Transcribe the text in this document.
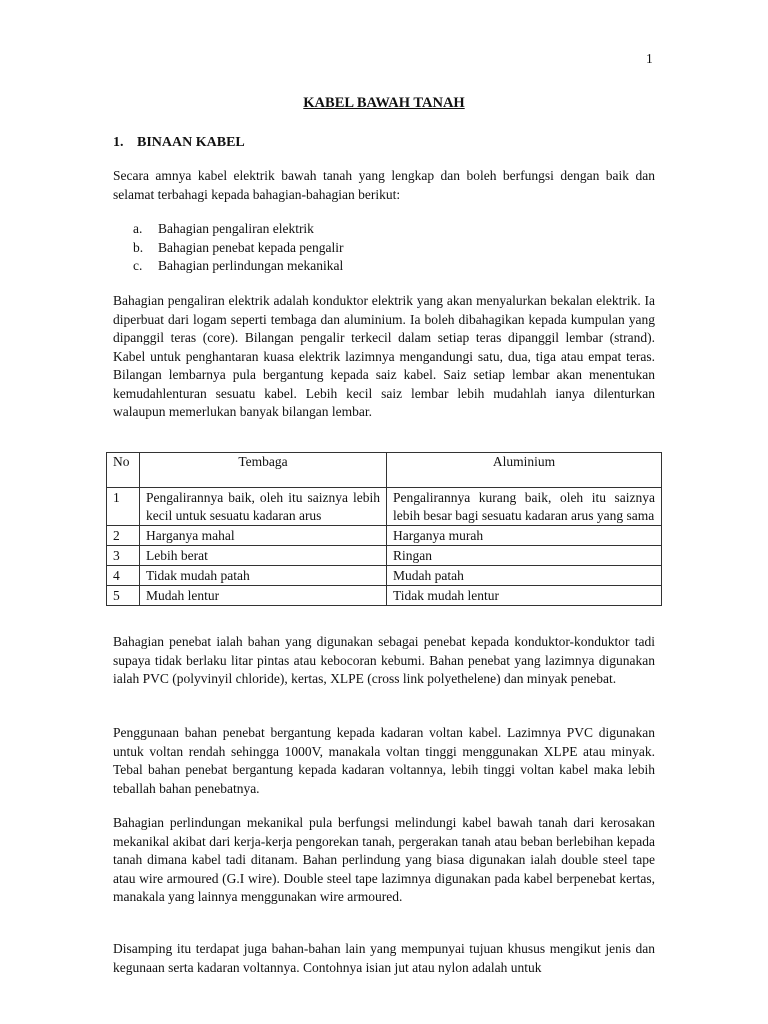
1
KABEL BAWAH TANAH
1. BINAAN KABEL

Secara amnya kabel elektrik bawah tanah yang lengkap dan boleh berfungsi dengan baik dan selamat terbahagi kepada bahagian-bahagian berikut:

a. Bahagian pengaliran elektrik
b. Bahagian penebat kepada pengalir
c. Bahagian perlindungan mekanikal

Bahagian pengaliran elektrik adalah konduktor elektrik yang akan menyalurkan bekalan elektrik. Ia diperbuat dari logam seperti tembaga dan aluminium. Ia boleh dibahagikan kepada kumpulan yang dipanggil teras (core). Bilangan pengalir terkecil dalam setiap teras dipanggil lembar (strand). Kabel untuk penghantaran kuasa elektrik lazimnya mengandungi satu, dua, tiga atau empat teras. Bilangan lembarnya pula bergantung kepada saiz kabel. Saiz setiap lembar akan menentukan kemudahlenturan sesuatu kabel. Lebih kecil saiz lembar lebih mudahlah ianya dilenturkan walaupun memerlukan banyak bilangan lembar.

No	Tembaga	Aluminium
1	Pengalirannya baik, oleh itu saiznya lebih kecil untuk sesuatu kadaran arus	Pengalirannya kurang baik, oleh itu saiznya lebih besar bagi sesuatu kadaran arus yang sama
2	Harganya mahal	Harganya murah
3	Lebih berat	Ringan
4	Tidak mudah patah	Mudah patah
5	Mudah lentur	Tidak mudah lentur

Bahagian penebat ialah bahan yang digunakan sebagai penebat kepada konduktor-konduktor tadi supaya tidak berlaku litar pintas atau kebocoran kebumi. Bahan penebat yang lazimnya digunakan ialah PVC (polyvinyil chloride), kertas, XLPE (cross link polyethelene) dan minyak penebat.

Penggunaan bahan penebat bergantung kepada kadaran voltan kabel. Lazimnya PVC digunakan untuk voltan rendah sehingga 1000V, manakala voltan tinggi menggunakan XLPE atau minyak. Tebal bahan penebat bergantung kepada kadaran voltannya, lebih tinggi voltan kabel maka lebih teballah bahan penebatnya.

Bahagian perlindungan mekanikal pula berfungsi melindungi kabel bawah tanah dari kerosakan mekanikal akibat dari kerja-kerja pengorekan tanah, pergerakan tanah atau beban berlebihan kepada tanah dimana kabel tadi ditanam. Bahan perlindung yang biasa digunakan ialah double steel tape atau wire armoured (G.I wire). Double steel tape lazimnya digunakan pada kabel berpenebat kertas, manakala yang lainnya menggunakan wire armoured.

Disamping itu terdapat juga bahan-bahan lain yang mempunyai tujuan khusus mengikut jenis dan kegunaan serta kadaran voltannya. Contohnya isian jut atau nylon adalah untuk
